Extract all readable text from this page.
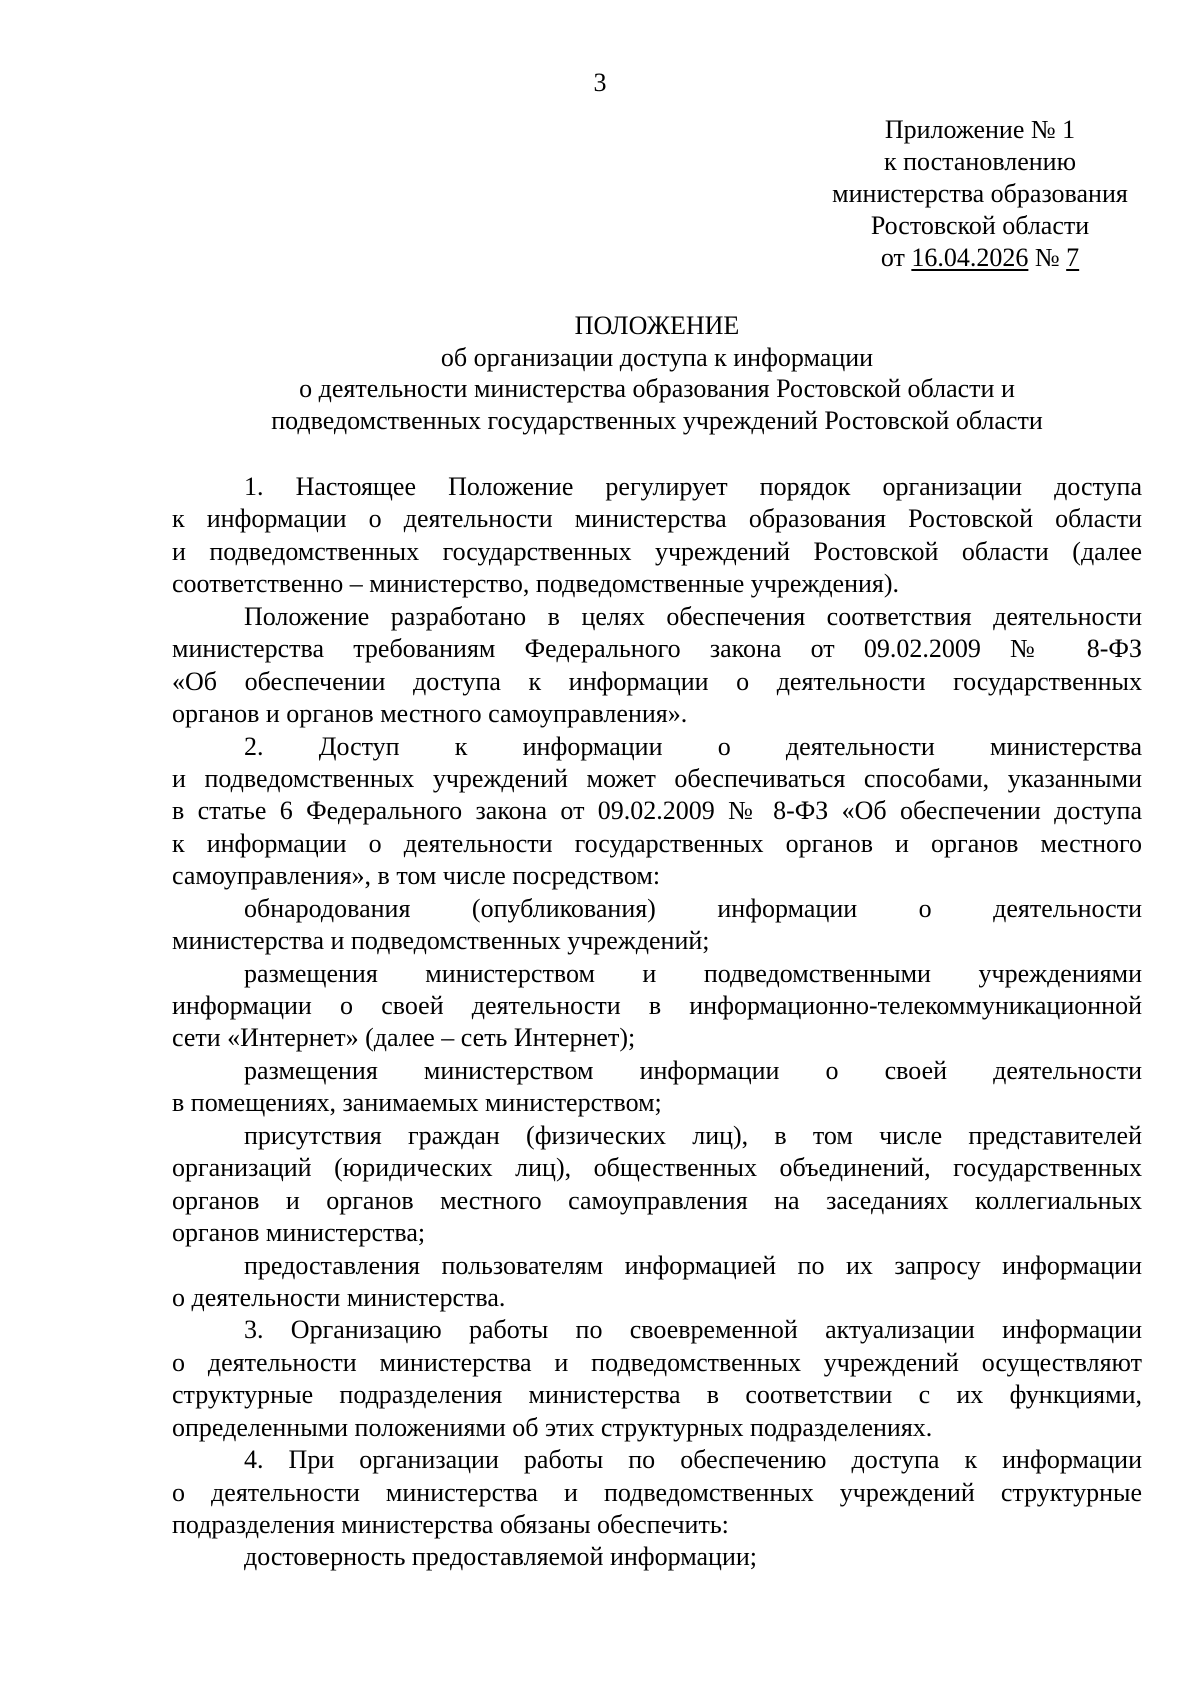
3
Приложение № 1
к постановлению
министерства образования
Ростовской области
от 16.04.2026 № 7
ПОЛОЖЕНИЕ
об организации доступа к информации
о деятельности министерства образования Ростовской области и
подведомственных государственных учреждений Ростовской области
1. Настоящее Положение регулирует порядок организации доступа
к информации о деятельности министерства образования Ростовской области
и подведомственных государственных учреждений Ростовской области (далее
соответственно – министерство, подведомственные учреждения).
Положение разработано в целях обеспечения соответствия деятельности
министерства требованиям Федерального закона от 09.02.2009 № 8-ФЗ
«Об обеспечении доступа к информации о деятельности государственных
органов и органов местного самоуправления».
2. Доступ к информации о деятельности министерства
и подведомственных учреждений может обеспечиваться способами, указанными
в статье 6 Федерального закона от 09.02.2009 № 8-ФЗ «Об обеспечении доступа
к информации о деятельности государственных органов и органов местного
самоуправления», в том числе посредством:
обнародования (опубликования) информации о деятельности
министерства и подведомственных учреждений;
размещения министерством и подведомственными учреждениями
информации о своей деятельности в информационно-телекоммуникационной
сети «Интернет» (далее – сеть Интернет);
размещения министерством информации о своей деятельности
в помещениях, занимаемых министерством;
присутствия граждан (физических лиц), в том числе представителей
организаций (юридических лиц), общественных объединений, государственных
органов и органов местного самоуправления на заседаниях коллегиальных
органов министерства;
предоставления пользователям информацией по их запросу информации
о деятельности министерства.
3. Организацию работы по своевременной актуализации информации
о деятельности министерства и подведомственных учреждений осуществляют
структурные подразделения министерства в соответствии с их функциями,
определенными положениями об этих структурных подразделениях.
4. При организации работы по обеспечению доступа к информации
о деятельности министерства и подведомственных учреждений структурные
подразделения министерства обязаны обеспечить:
достоверность предоставляемой информации;
